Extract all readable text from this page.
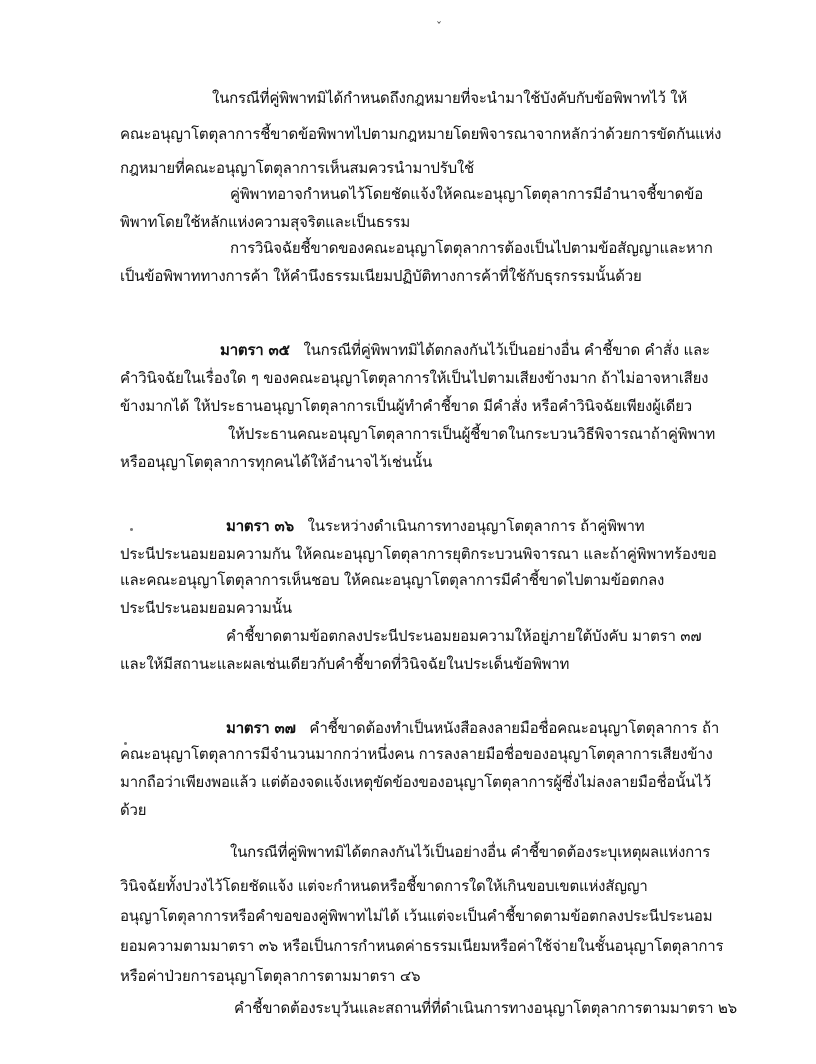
ˇ
ในกรณีที่คู่พิพาทมิได้กำหนดถึงกฎหมายที่จะนำมาใช้บังคับกับข้อพิพาทไว้ ให้
คณะอนุญาโตตุลาการชี้ขาดข้อพิพาทไปตามกฎหมายโดยพิจารณาจากหลักว่าด้วยการขัดกันแห่ง
กฎหมายที่คณะอนุญาโตตุลาการเห็นสมควรนำมาปรับใช้
คู่พิพาทอาจกำหนดไว้โดยชัดแจ้งให้คณะอนุญาโตตุลาการมีอำนาจชี้ขาดข้อ
พิพาทโดยใช้หลักแห่งความสุจริตและเป็นธรรม
การวินิจฉัยชี้ขาดของคณะอนุญาโตตุลาการต้องเป็นไปตามข้อสัญญาและหาก
เป็นข้อพิพาททางการค้า ให้คำนึงธรรมเนียมปฏิบัติทางการค้าที่ใช้กับธุรกรรมนั้นด้วย
มาตรา ๓๕ ในกรณีที่คู่พิพาทมิได้ตกลงกันไว้เป็นอย่างอื่น คำชี้ขาด คำสั่ง และ
คำวินิจฉัยในเรื่องใด ๆ ของคณะอนุญาโตตุลาการให้เป็นไปตามเสียงข้างมาก ถ้าไม่อาจหาเสียง
ข้างมากได้ ให้ประธานอนุญาโตตุลาการเป็นผู้ทำคำชี้ขาด มีคำสั่ง หรือคำวินิจฉัยเพียงผู้เดียว
ให้ประธานคณะอนุญาโตตุลาการเป็นผู้ชี้ขาดในกระบวนวิธีพิจารณาถ้าคู่พิพาท
หรืออนุญาโตตุลาการทุกคนได้ให้อำนาจไว้เช่นนั้น
มาตรา ๓๖ ในระหว่างดำเนินการทางอนุญาโตตุลาการ ถ้าคู่พิพาท
ประนีประนอมยอมความกัน ให้คณะอนุญาโตตุลาการยุติกระบวนพิจารณา และถ้าคู่พิพาทร้องขอ
และคณะอนุญาโตตุลาการเห็นชอบ ให้คณะอนุญาโตตุลาการมีคำชี้ขาดไปตามข้อตกลง
ประนีประนอมยอมความนั้น
คำชี้ขาดตามข้อตกลงประนีประนอมยอมความให้อยู่ภายใต้บังคับ มาตรา ๓๗
และให้มีสถานะและผลเช่นเดียวกับคำชี้ขาดที่วินิจฉัยในประเด็นข้อพิพาท
มาตรา ๓๗ คำชี้ขาดต้องทำเป็นหนังสือลงลายมือชื่อคณะอนุญาโตตุลาการ ถ้า
คณะอนุญาโตตุลาการมีจำนวนมากกว่าหนึ่งคน การลงลายมือชื่อของอนุญาโตตุลาการเสียงข้าง
มากถือว่าเพียงพอแล้ว แต่ต้องจดแจ้งเหตุขัดข้องของอนุญาโตตุลาการผู้ซึ่งไม่ลงลายมือชื่อนั้นไว้
ด้วย
ในกรณีที่คู่พิพาทมิได้ตกลงกันไว้เป็นอย่างอื่น คำชี้ขาดต้องระบุเหตุผลแห่งการ
วินิจฉัยทั้งปวงไว้โดยชัดแจ้ง แต่จะกำหนดหรือชี้ขาดการใดให้เกินขอบเขตแห่งสัญญา
อนุญาโตตุลาการหรือคำขอของคู่พิพาทไม่ได้ เว้นแต่จะเป็นคำชี้ขาดตามข้อตกลงประนีประนอม
ยอมความตามมาตรา ๓๖ หรือเป็นการกำหนดค่าธรรมเนียมหรือค่าใช้จ่ายในชั้นอนุญาโตตุลาการ
หรือค่าป่วยการอนุญาโตตุลาการตามมาตรา ๔๖
คำชี้ขาดต้องระบุวันและสถานที่ที่ดำเนินการทางอนุญาโตตุลาการตามมาตรา ๒๖
